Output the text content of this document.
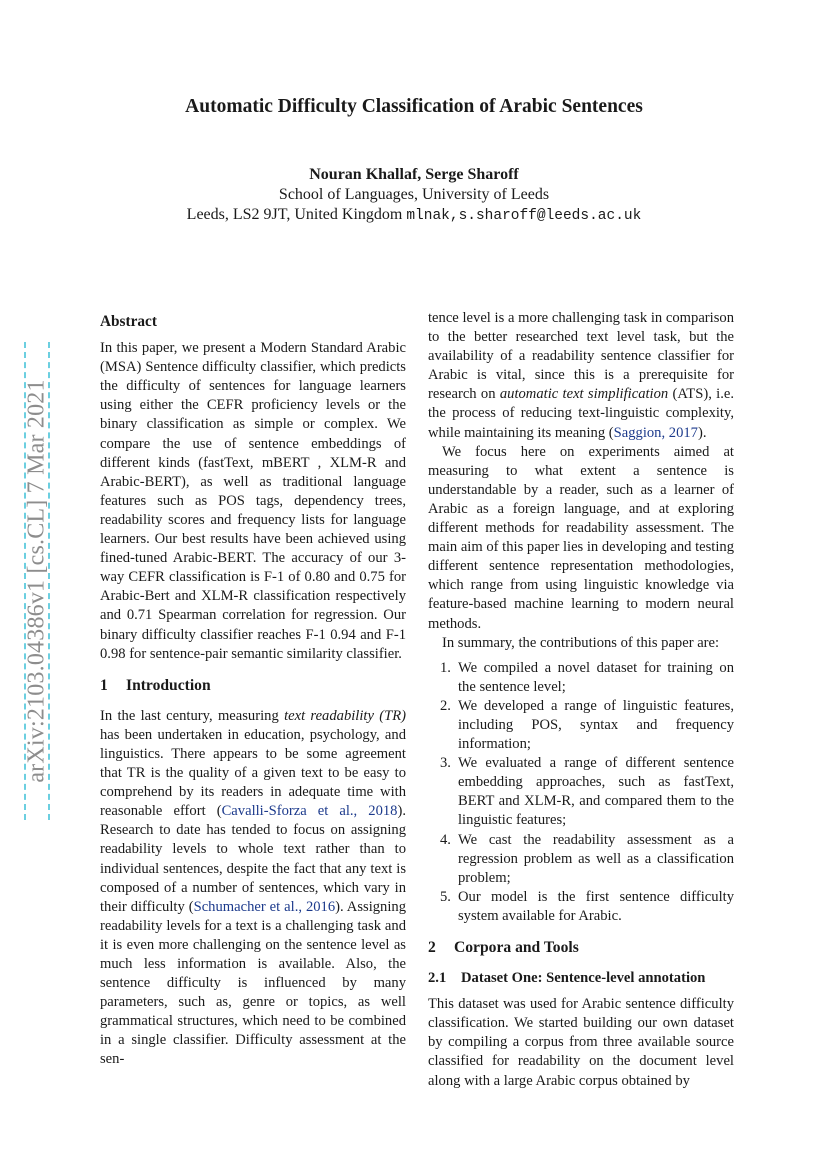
arXiv:2103.04386v1 [cs.CL] 7 Mar 2021
Automatic Difficulty Classification of Arabic Sentences
Nouran Khallaf, Serge Sharoff
School of Languages, University of Leeds
Leeds, LS2 9JT, United Kingdom mlnak,s.sharoff@leeds.ac.uk
Abstract

In this paper, we present a Modern Standard Arabic (MSA) Sentence difficulty classifier, which predicts the difficulty of sentences for language learners using either the CEFR proficiency levels or the binary classification as simple or complex. We compare the use of sentence embeddings of different kinds (fastText, mBERT , XLM-R and Arabic-BERT), as well as traditional language features such as POS tags, dependency trees, readability scores and frequency lists for language learners. Our best results have been achieved using fined-tuned Arabic-BERT. The accuracy of our 3-way CEFR classification is F-1 of 0.80 and 0.75 for Arabic-Bert and XLM-R classification respectively and 0.71 Spearman correlation for regression. Our binary difficulty classifier reaches F-1 0.94 and F-1 0.98 for sentence-pair semantic similarity classifier.

1 Introduction

In the last century, measuring text readability (TR) has been undertaken in education, psychology, and linguistics. There appears to be some agreement that TR is the quality of a given text to be easy to comprehend by its readers in adequate time with reasonable effort (Cavalli-Sforza et al., 2018). Research to date has tended to focus on assigning readability levels to whole text rather than to individual sentences, despite the fact that any text is composed of a number of sentences, which vary in their difficulty (Schumacher et al., 2016). Assigning readability levels for a text is a challenging task and it is even more challenging on the sentence level as much less information is available. Also, the sentence difficulty is influenced by many parameters, such as, genre or topics, as well grammatical structures, which need to be combined in a single classifier. Difficulty assessment at the sen-

tence level is a more challenging task in comparison to the better researched text level task, but the availability of a readability sentence classifier for Arabic is vital, since this is a prerequisite for research on automatic text simplification (ATS), i.e. the process of reducing text-linguistic complexity, while maintaining its meaning (Saggion, 2017).

We focus here on experiments aimed at measuring to what extent a sentence is understandable by a reader, such as a learner of Arabic as a foreign language, and at exploring different methods for readability assessment. The main aim of this paper lies in developing and testing different sentence representation methodologies, which range from using linguistic knowledge via feature-based machine learning to modern neural methods.

In summary, the contributions of this paper are:

1. We compiled a novel dataset for training on the sentence level;
2. We developed a range of linguistic features, including POS, syntax and frequency information;
3. We evaluated a range of different sentence embedding approaches, such as fastText, BERT and XLM-R, and compared them to the linguistic features;
4. We cast the readability assessment as a regression problem as well as a classification problem;
5. Our model is the first sentence difficulty system available for Arabic.
2 Corpora and Tools
2.1 Dataset One: Sentence-level annotation

This dataset was used for Arabic sentence difficulty classification. We started building our own dataset by compiling a corpus from three available source classified for readability on the document level along with a large Arabic corpus obtained by
